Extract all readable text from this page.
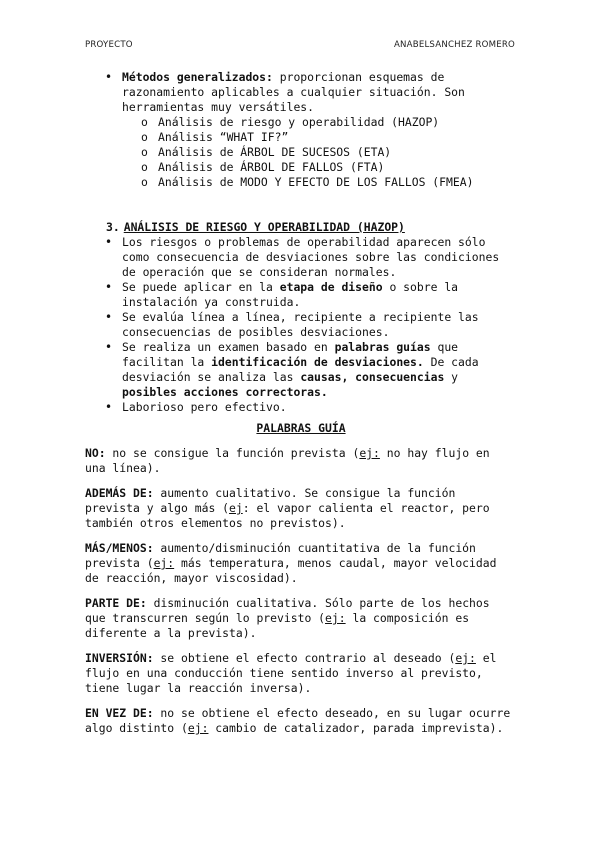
PROYECTO	ANABELSANCHEZ ROMERO
• Métodos generalizados: proporcionan esquemas de razonamiento aplicables a cualquier situación. Son herramientas muy versátiles.
o Análisis de riesgo y operabilidad (HAZOP)
o Análisis “WHAT IF?”
o Análisis de ÁRBOL DE SUCESOS (ETA)
o Análisis de ÁRBOL DE FALLOS (FTA)
o Análisis de MODO Y EFECTO DE LOS FALLOS (FMEA)
3. ANÁLISIS DE RIESGO Y OPERABILIDAD (HAZOP)
• Los riesgos o problemas de operabilidad aparecen sólo como consecuencia de desviaciones sobre las condiciones de operación que se consideran normales.
• Se puede aplicar en la etapa de diseño o sobre la instalación ya construida.
• Se evalúa línea a línea, recipiente a recipiente las consecuencias de posibles desviaciones.
• Se realiza un examen basado en palabras guías que facilitan la identificación de desviaciones. De cada desviación se analiza las causas, consecuencias y posibles acciones correctoras.
• Laborioso pero efectivo.
PALABRAS GUÍA

NO: no se consigue la función prevista (ej: no hay flujo en una línea).

ADEMÁS DE: aumento cualitativo. Se consigue la función prevista y algo más (ej: el vapor calienta el reactor, pero también otros elementos no previstos).

MÁS/MENOS: aumento/disminución cuantitativa de la función prevista (ej: más temperatura, menos caudal, mayor velocidad de reacción, mayor viscosidad).

PARTE DE: disminución cualitativa. Sólo parte de los hechos que transcurren según lo previsto (ej: la composición es diferente a la prevista).

INVERSIÓN: se obtiene el efecto contrario al deseado (ej: el flujo en una conducción tiene sentido inverso al previsto, tiene lugar la reacción inversa).

EN VEZ DE: no se obtiene el efecto deseado, en su lugar ocurre algo distinto (ej: cambio de catalizador, parada imprevista).
